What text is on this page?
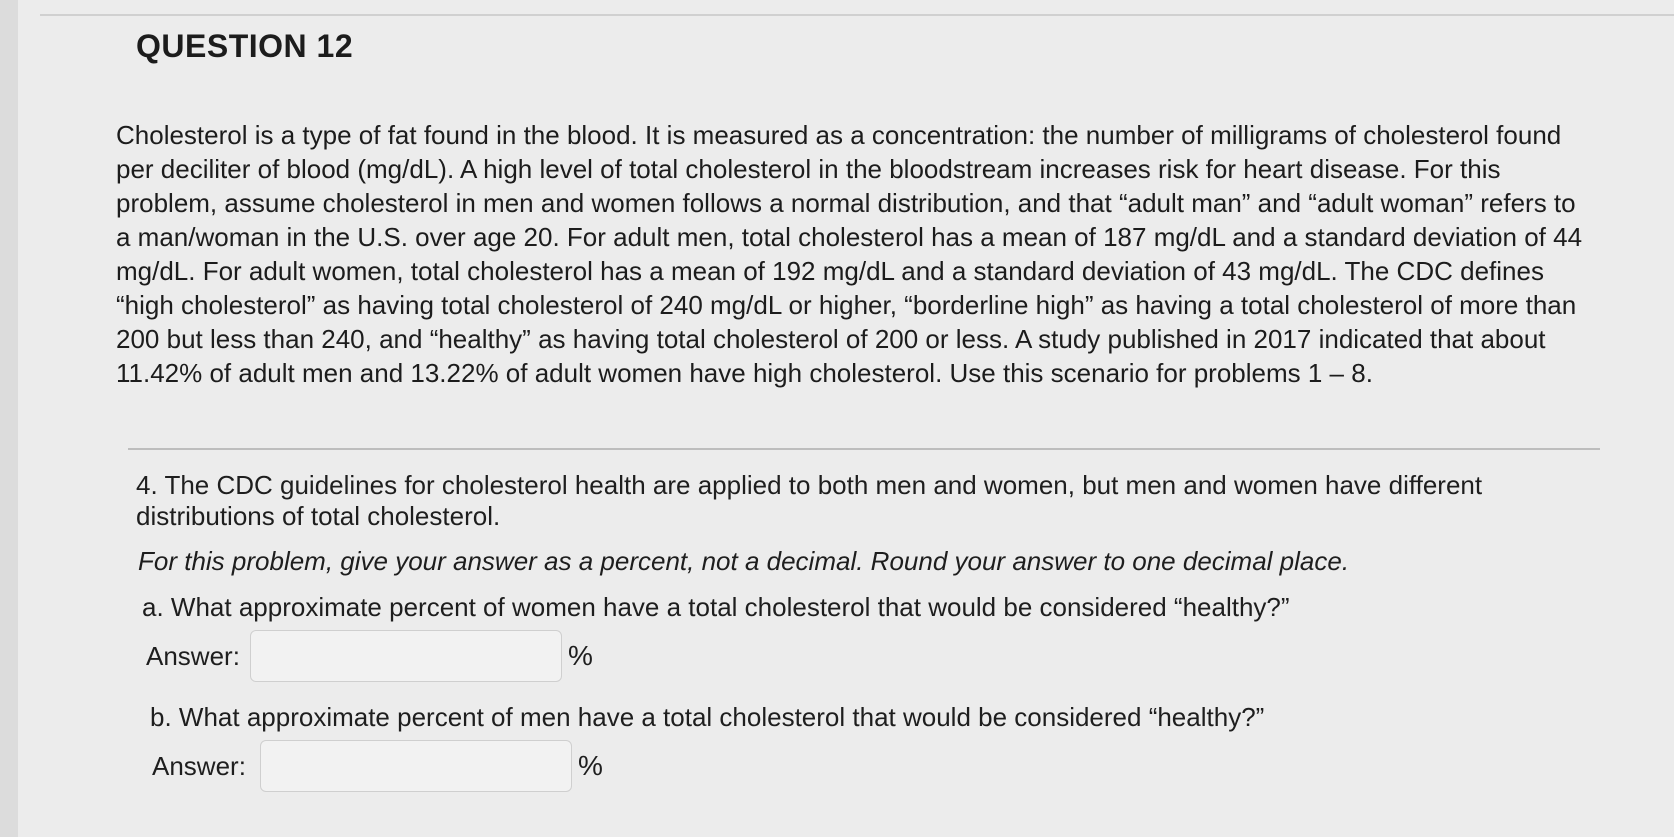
QUESTION 12

Cholesterol is a type of fat found in the blood. It is measured as a concentration: the number of milligrams of cholesterol found per deciliter of blood (mg/dL). A high level of total cholesterol in the bloodstream increases risk for heart disease. For this problem, assume cholesterol in men and women follows a normal distribution, and that “adult man” and “adult woman” refers to a man/woman in the U.S. over age 20. For adult men, total cholesterol has a mean of 187 mg/dL and a standard deviation of 44 mg/dL. For adult women, total cholesterol has a mean of 192 mg/dL and a standard deviation of 43 mg/dL. The CDC defines “high cholesterol” as having total cholesterol of 240 mg/dL or higher, “borderline high” as having a total cholesterol of more than 200 but less than 240, and “healthy” as having total cholesterol of 200 or less. A study published in 2017 indicated that about 11.42% of adult men and 13.22% of adult women have high cholesterol. Use this scenario for problems 1 – 8.

4. The CDC guidelines for cholesterol health are applied to both men and women, but men and women have different distributions of total cholesterol.

For this problem, give your answer as a percent, not a decimal. Round your answer to one decimal place.

a. What approximate percent of women have a total cholesterol that would be considered “healthy?”

Answer:	%

b. What approximate percent of men have a total cholesterol that would be considered “healthy?”

Answer:	%
